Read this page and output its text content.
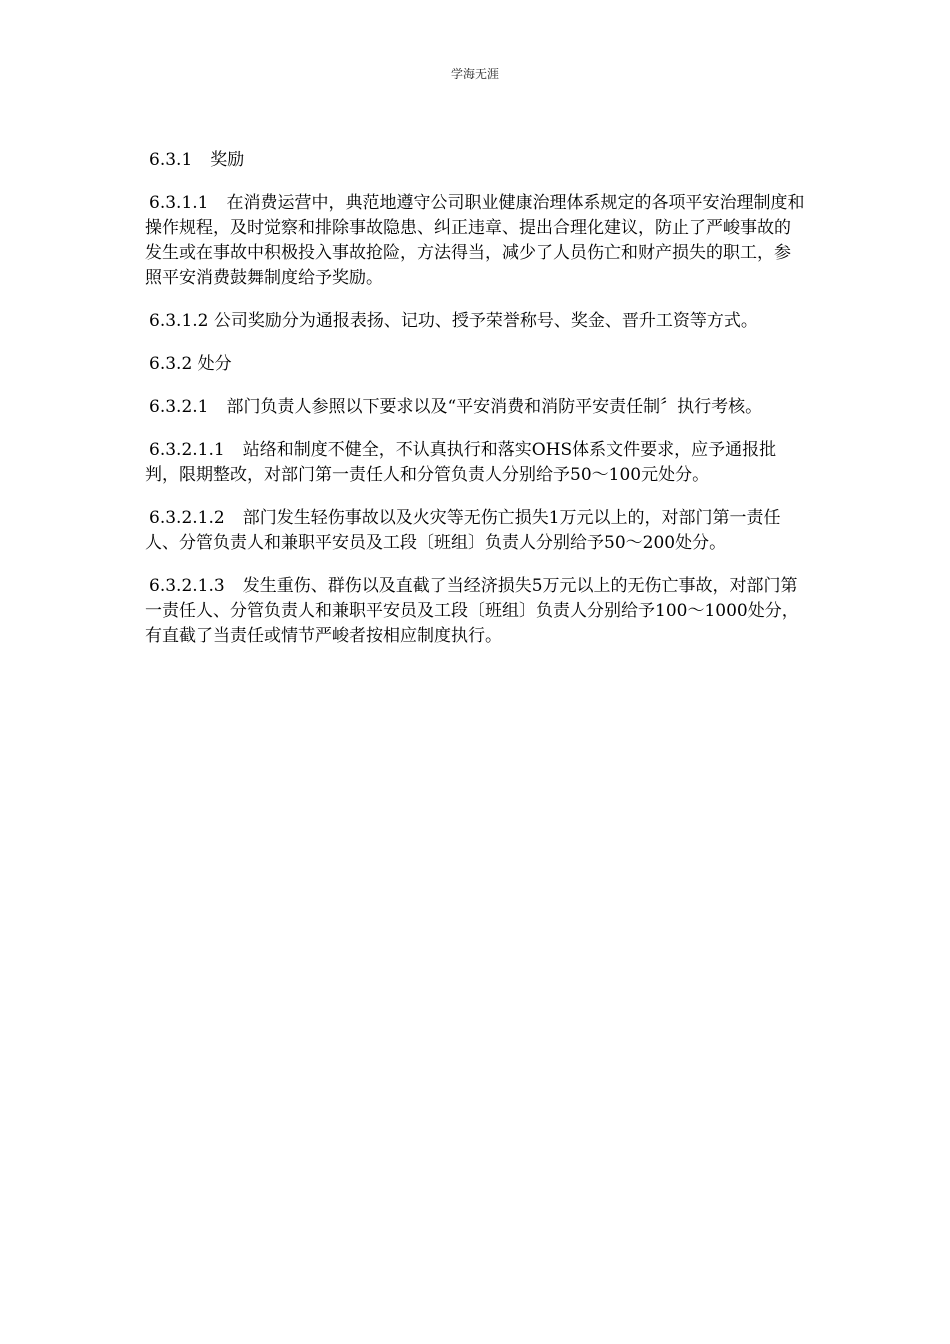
学海无涯

6.3.1 奖励

6.3.1.1 在消费运营中，典范地遵守公司职业健康治理体系规定的各项平安治理制度和操作规程，及时觉察和排除事故隐患、纠正违章、提出合理化建议，防止了严峻事故的发生或在事故中积极投入事故抢险，方法得当，减少了人员伤亡和财产损失的职工，参照平安消费鼓舞制度给予奖励。

6.3.1.2 公司奖励分为通报表扬、记功、授予荣誉称号、奖金、晋升工资等方式。

6.3.2 处分

6.3.2.1 部门负责人参照以下要求以及“平安消费和消防平安责任制〞执行考核。

6.3.2.1.1 站络和制度不健全，不认真执行和落实OHS体系文件要求，应予通报批判，限期整改，对部门第一责任人和分管负责人分别给予50～100元处分。

6.3.2.1.2 部门发生轻伤事故以及火灾等无伤亡损失1万元以上的，对部门第一责任人、分管负责人和兼职平安员及工段〔班组〕负责人分别给予50～200处分。

6.3.2.1.3 发生重伤、群伤以及直截了当经济损失5万元以上的无伤亡事故，对部门第一责任人、分管负责人和兼职平安员及工段〔班组〕负责人分别给予100～1000处分，有直截了当责任或情节严峻者按相应制度执行。
